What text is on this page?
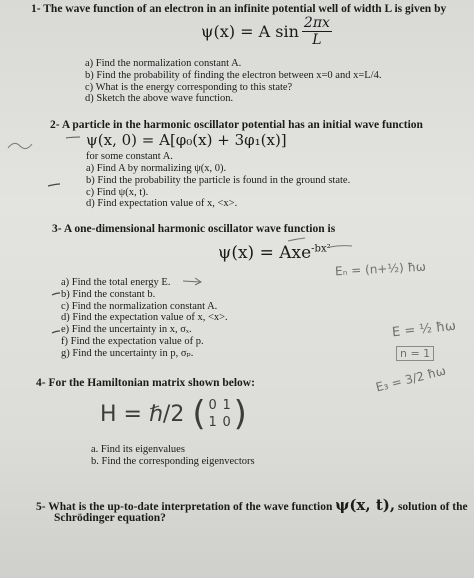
1- The wave function of an electron in an infinite potential well of width L is given by
ψ(x) = A $\sin \frac{2\pi x}{L}$
a) Find the normalization constant A.
b) Find the probability of finding the electron between x=0 and x=L/4.
c) What is the energy corresponding to this state?
d) Sketch the above wave function.
2- A particle in the harmonic oscillator potential has an initial wave function
ψ(x, 0) = A[φ₀(x) + 3φ₁(x)]
for some constant A.
a) Find A by normalizing ψ(x, 0).
b) Find the probability the particle is found in the ground state.
c) Find ψ(x, t).
d) Find expectation value of x, <x>.
3- A one-dimensional harmonic oscillator wave function is
ψ(x) = Axe$^{-bx^2}$
a) Find the total energy E.
b) Find the constant b.
c) Find the normalization constant A.
d) Find the expectation value of x, <x>.
e) Find the uncertainty in x, σₓ.
f) Find the expectation value of p.
g) Find the uncertainty in p, σₚ.
4- For the Hamiltonian matrix shown below:
H = ℏ/2 ( 0 1
1 0 )
a. Find its eigenvalues
b. Find the corresponding eigenvectors
5- What is the up-to-date interpretation of the wave function ψ(x, t), solution of the
Schrödinger equation?
Eₙ = (n+½) ħω
E = ½ ħω
n = 1
E₃ = 3/2 ħω
